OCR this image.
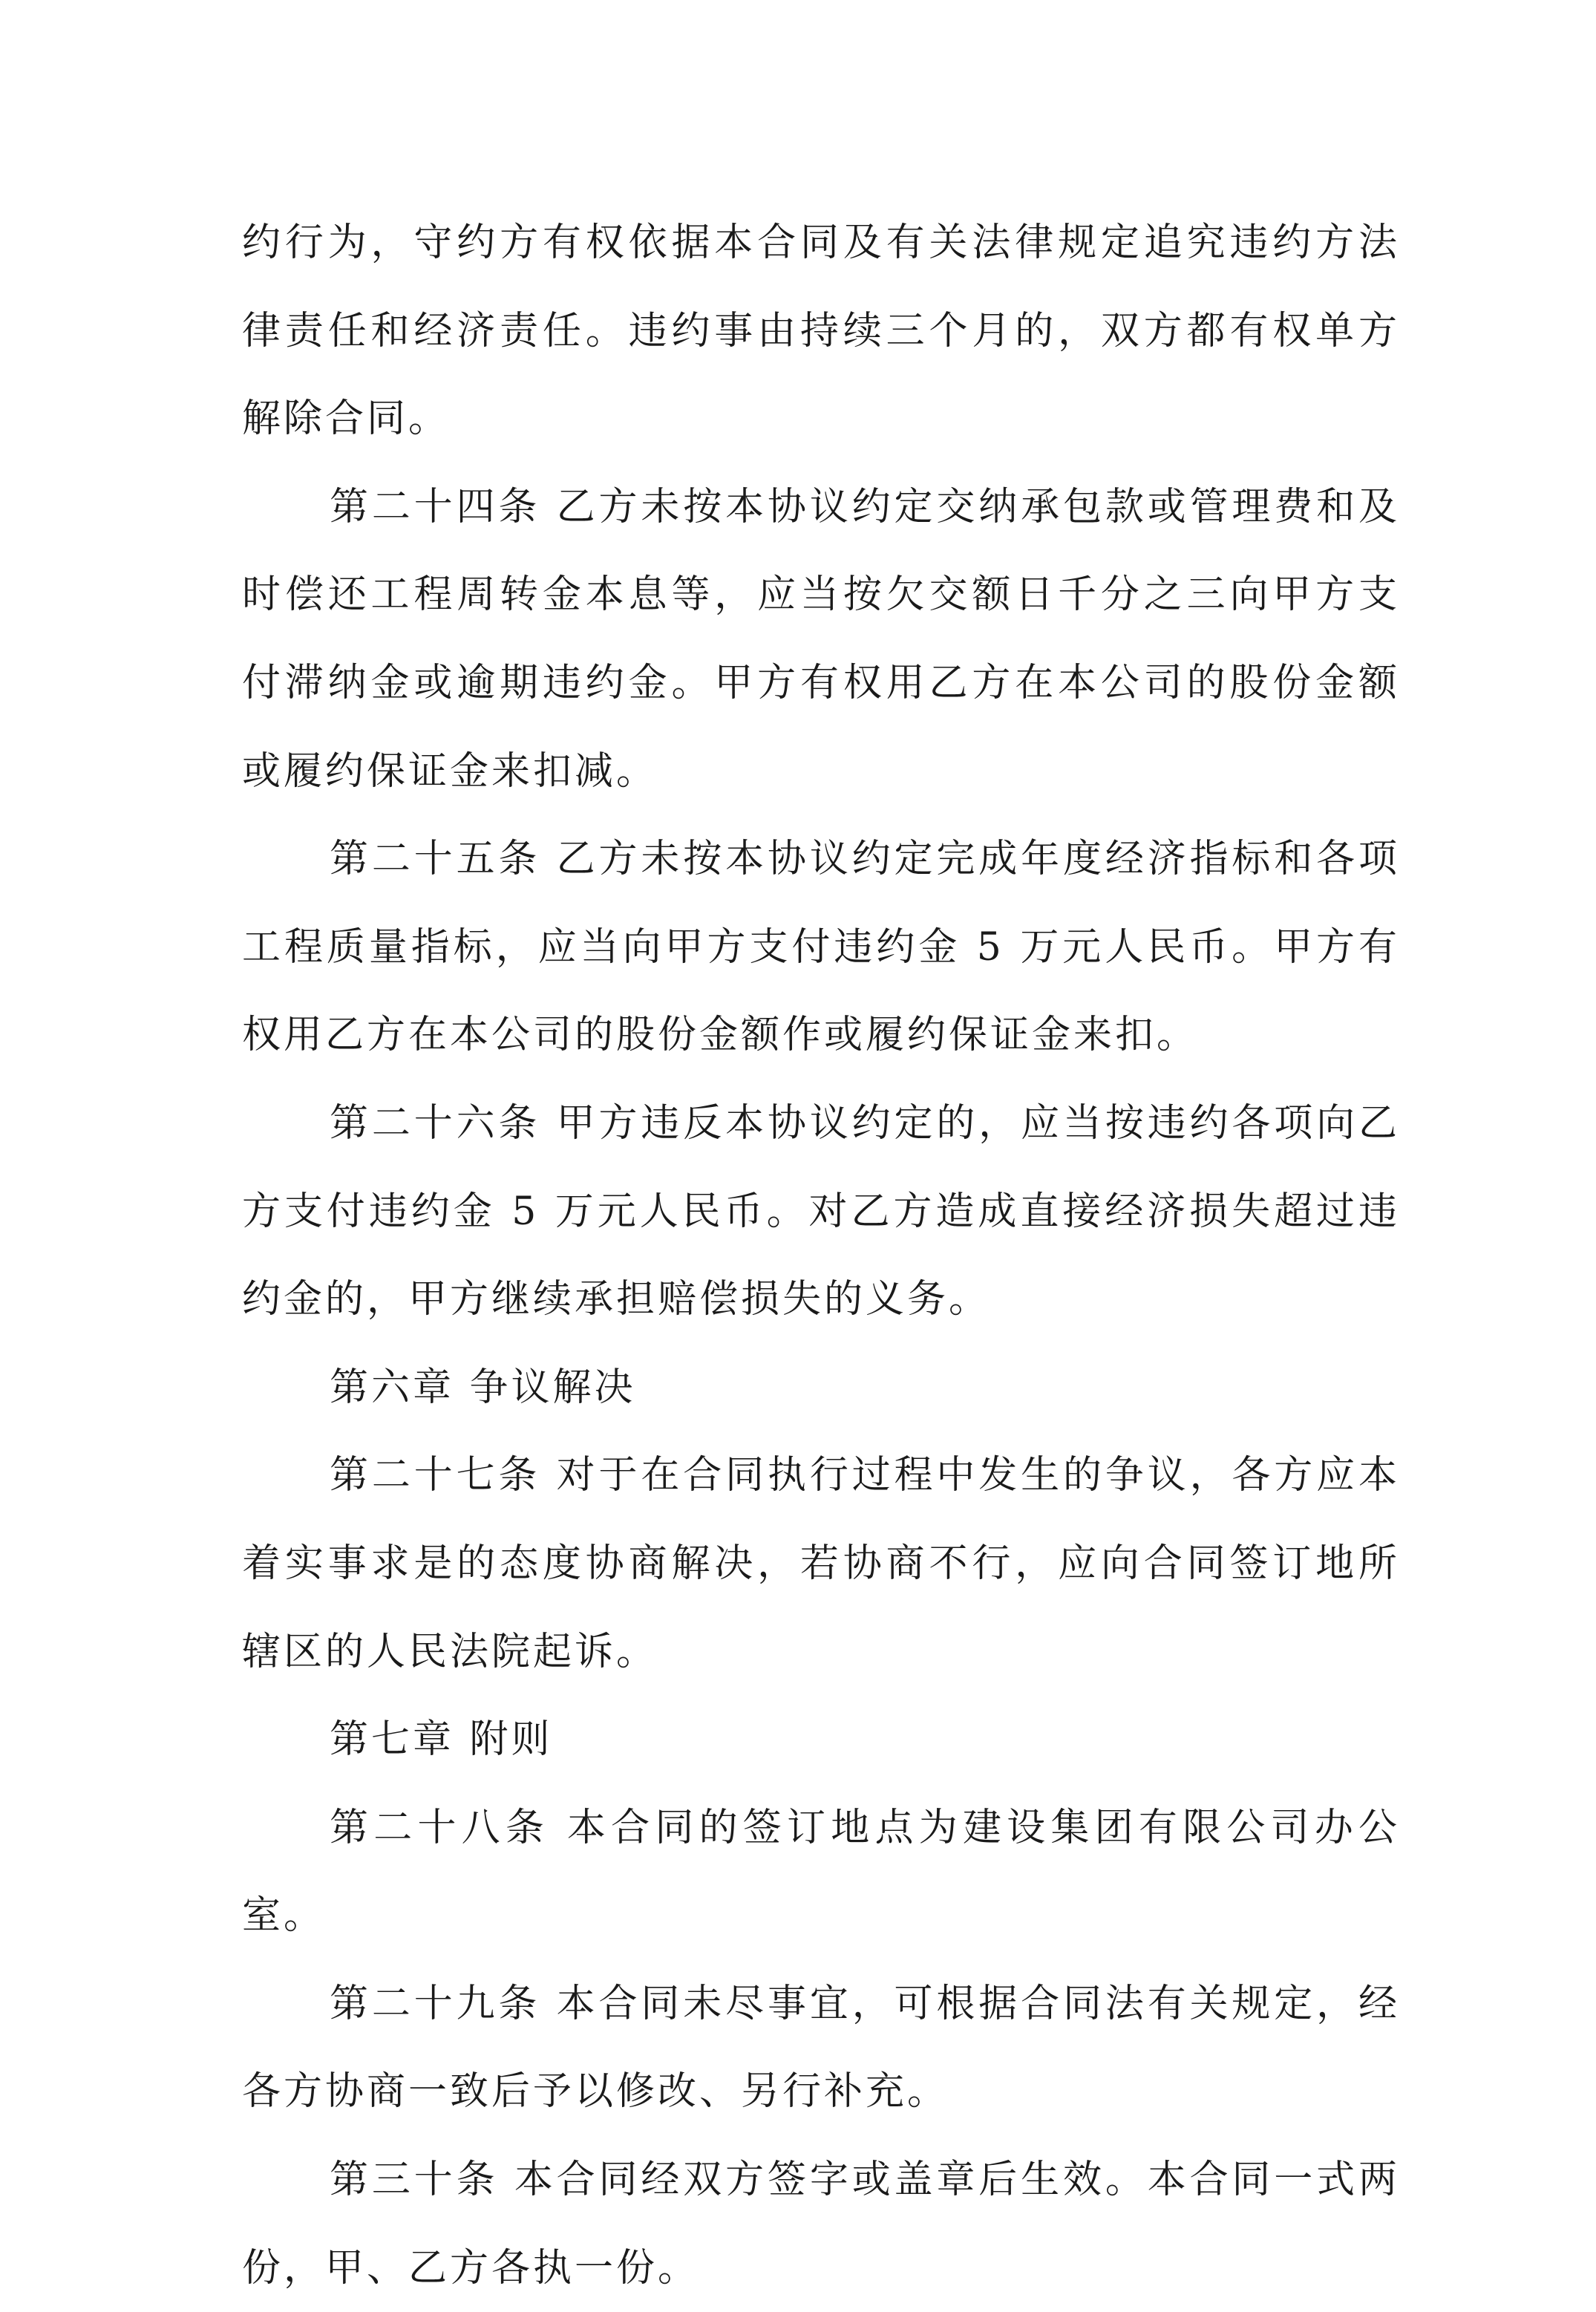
约行为，守约方有权依据本合同及有关法律规定追究违约方法律责任和经济责任。违约事由持续三个月的，双方都有权单方解除合同。

第二十四条 乙方未按本协议约定交纳承包款或管理费和及时偿还工程周转金本息等，应当按欠交额日千分之三向甲方支付滞纳金或逾期违约金。甲方有权用乙方在本公司的股份金额或履约保证金来扣减。

第二十五条 乙方未按本协议约定完成年度经济指标和各项工程质量指标，应当向甲方支付违约金 5 万元人民币。甲方有权用乙方在本公司的股份金额作或履约保证金来扣。

第二十六条 甲方违反本协议约定的，应当按违约各项向乙方支付违约金 5 万元人民币。对乙方造成直接经济损失超过违约金的，甲方继续承担赔偿损失的义务。

第六章 争议解决

第二十七条 对于在合同执行过程中发生的争议，各方应本着实事求是的态度协商解决，若协商不行，应向合同签订地所辖区的人民法院起诉。

第七章 附则

第二十八条 本合同的签订地点为建设集团有限公司办公室。

第二十九条 本合同未尽事宜，可根据合同法有关规定，经各方协商一致后予以修改、另行补充。

第三十条 本合同经双方签字或盖章后生效。本合同一式两份，甲、乙方各执一份。
